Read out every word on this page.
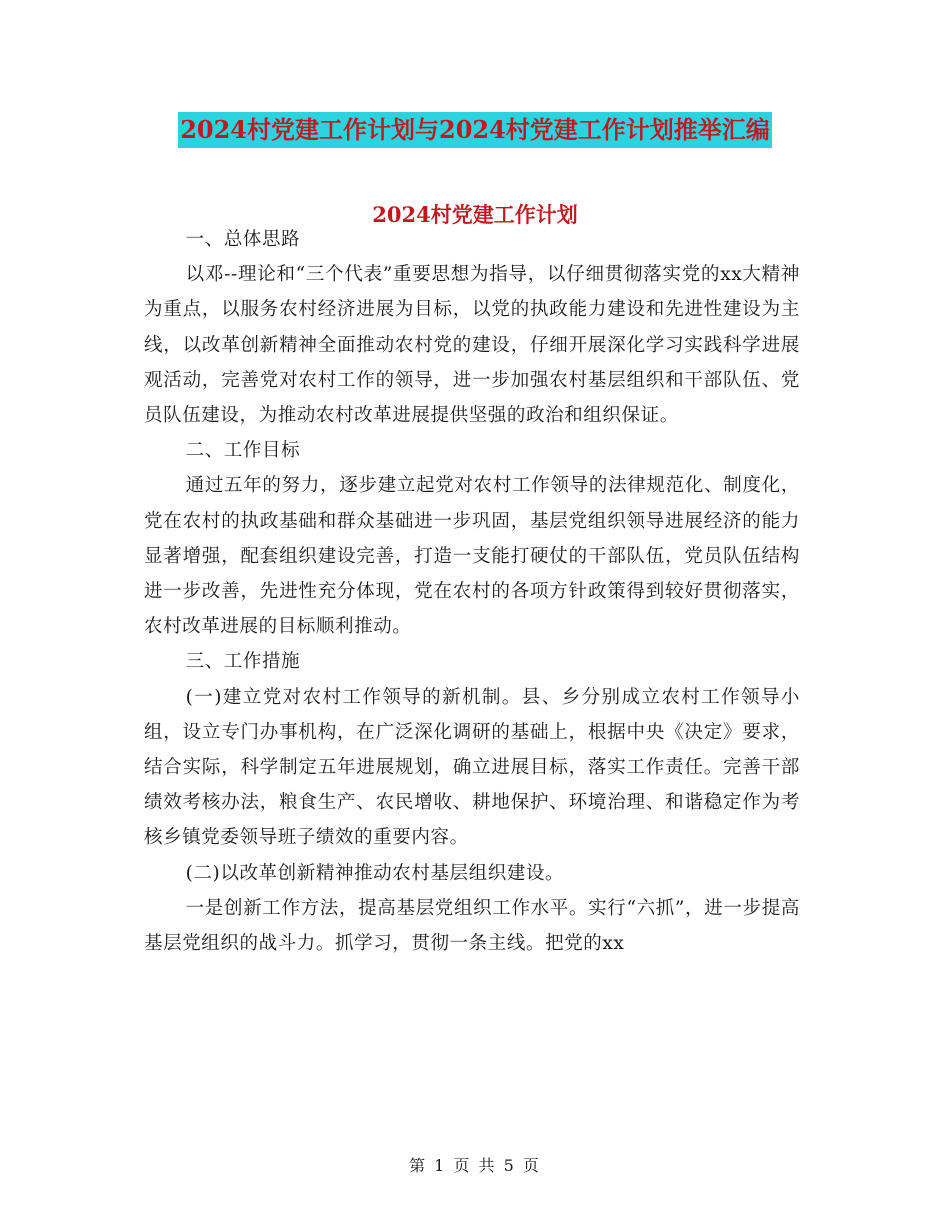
2024村党建工作计划与2024村党建工作计划推举汇编
2024村党建工作计划

一、总体思路

以邓--理论和“三个代表”重要思想为指导，以仔细贯彻落实党的xx大精神为重点，以服务农村经济进展为目标，以党的执政能力建设和先进性建设为主线，以改革创新精神全面推动农村党的建设，仔细开展深化学习实践科学进展观活动，完善党对农村工作的领导，进一步加强农村基层组织和干部队伍、党员队伍建设，为推动农村改革进展提供坚强的政治和组织保证。

二、工作目标

通过五年的努力，逐步建立起党对农村工作领导的法律规范化、制度化，党在农村的执政基础和群众基础进一步巩固，基层党组织领导进展经济的能力显著增强，配套组织建设完善，打造一支能打硬仗的干部队伍，党员队伍结构进一步改善，先进性充分体现，党在农村的各项方针政策得到较好贯彻落实，农村改革进展的目标顺利推动。

三、工作措施

(一)建立党对农村工作领导的新机制。县、乡分别成立农村工作领导小组，设立专门办事机构，在广泛深化调研的基础上，根据中央《决定》要求，结合实际，科学制定五年进展规划，确立进展目标，落实工作责任。完善干部绩效考核办法，粮食生产、农民增收、耕地保护、环境治理、和谐稳定作为考核乡镇党委领导班子绩效的重要内容。

(二)以改革创新精神推动农村基层组织建设。

一是创新工作方法，提高基层党组织工作水平。实行“六抓”，进一步提高基层党组织的战斗力。抓学习，贯彻一条主线。把党的xx

第 1 页 共 5 页
